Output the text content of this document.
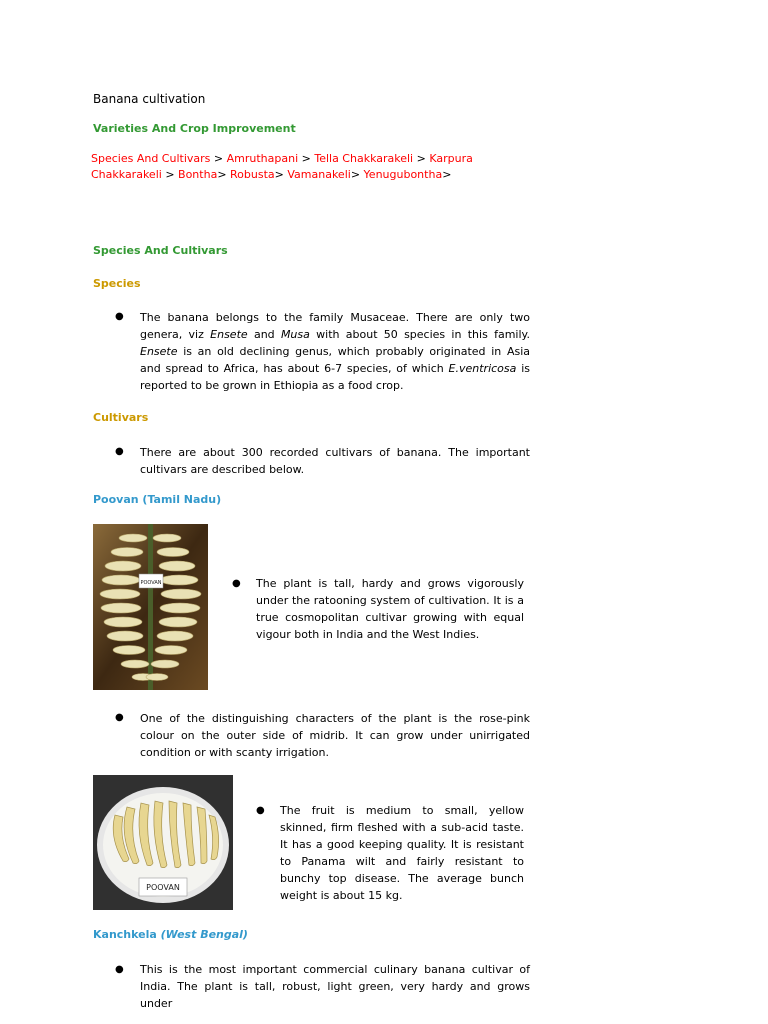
Banana cultivation
Varieties And Crop Improvement
Species And Cultivars > Amruthapani > Tella Chakkarakeli > Karpura Chakkarakeli > Bontha> Robusta> Vamanakeli> Yenugubontha>
Species And Cultivars
Species
● The banana belongs to the family Musaceae. There are only two genera, viz Ensete and Musa with about 50 species in this family. Ensete is an old declining genus, which probably originated in Asia and spread to Africa, has about 6-7 species, of which E.ventricosa is reported to be grown in Ethiopia as a food crop.
Cultivars
● There are about 300 recorded cultivars of banana. The important cultivars are described below.
Poovan (Tamil Nadu)
POOVAN	● The plant is tall, hardy and grows vigorously under the ratooning system of cultivation. It is a true cosmopolitan cultivar growing with equal vigour both in India and the West Indies.
● One of the distinguishing characters of the plant is the rose-pink colour on the outer side of midrib. It can grow under unirrigated condition or with scanty irrigation.
POOVAN
● The fruit is medium to small, yellow skinned, firm fleshed with a sub-acid taste. It has a good keeping quality. It is resistant to Panama wilt and fairly resistant to bunchy top disease. The average bunch weight is about 15 kg.
Kanchkela (West Bengal)
● This is the most important commercial culinary banana cultivar of India. The plant is tall, robust, light green, very hardy and grows under
